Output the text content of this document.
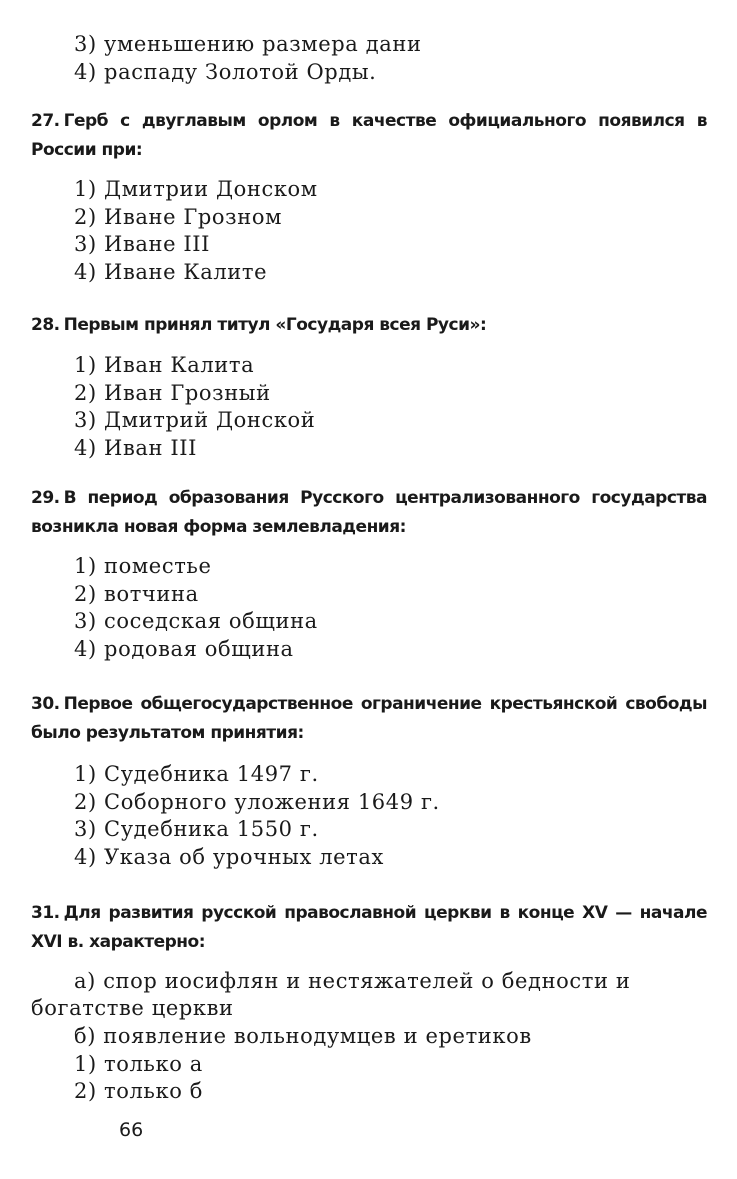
3) уменьшению размера дани
4) распаду Золотой Орды.
27. Герб с двуглавым орлом в качестве официального появился в России при:
1) Дмитрии Донском
2) Иване Грозном
3) Иване III
4) Иване Калите
28. Первым принял титул «Государя всея Руси»:
1) Иван Калита
2) Иван Грозный
3) Дмитрий Донской
4) Иван III
29. В период образования Русского централизованного государства возникла новая форма землевладения:
1) поместье
2) вотчина
3) соседская община
4) родовая община
30. Первое общегосударственное ограничение крестьянской свободы было результатом принятия:
1) Судебника 1497 г.
2) Соборного уложения 1649 г.
3) Судебника 1550 г.
4) Указа об урочных летах
31. Для развития русской православной церкви в конце XV — начале XVI в. характерно:
а) спор иосифлян и нестяжателей о бедности и богатстве церкви
б) появление вольнодумцев и еретиков
1) только а
2) только б
66
